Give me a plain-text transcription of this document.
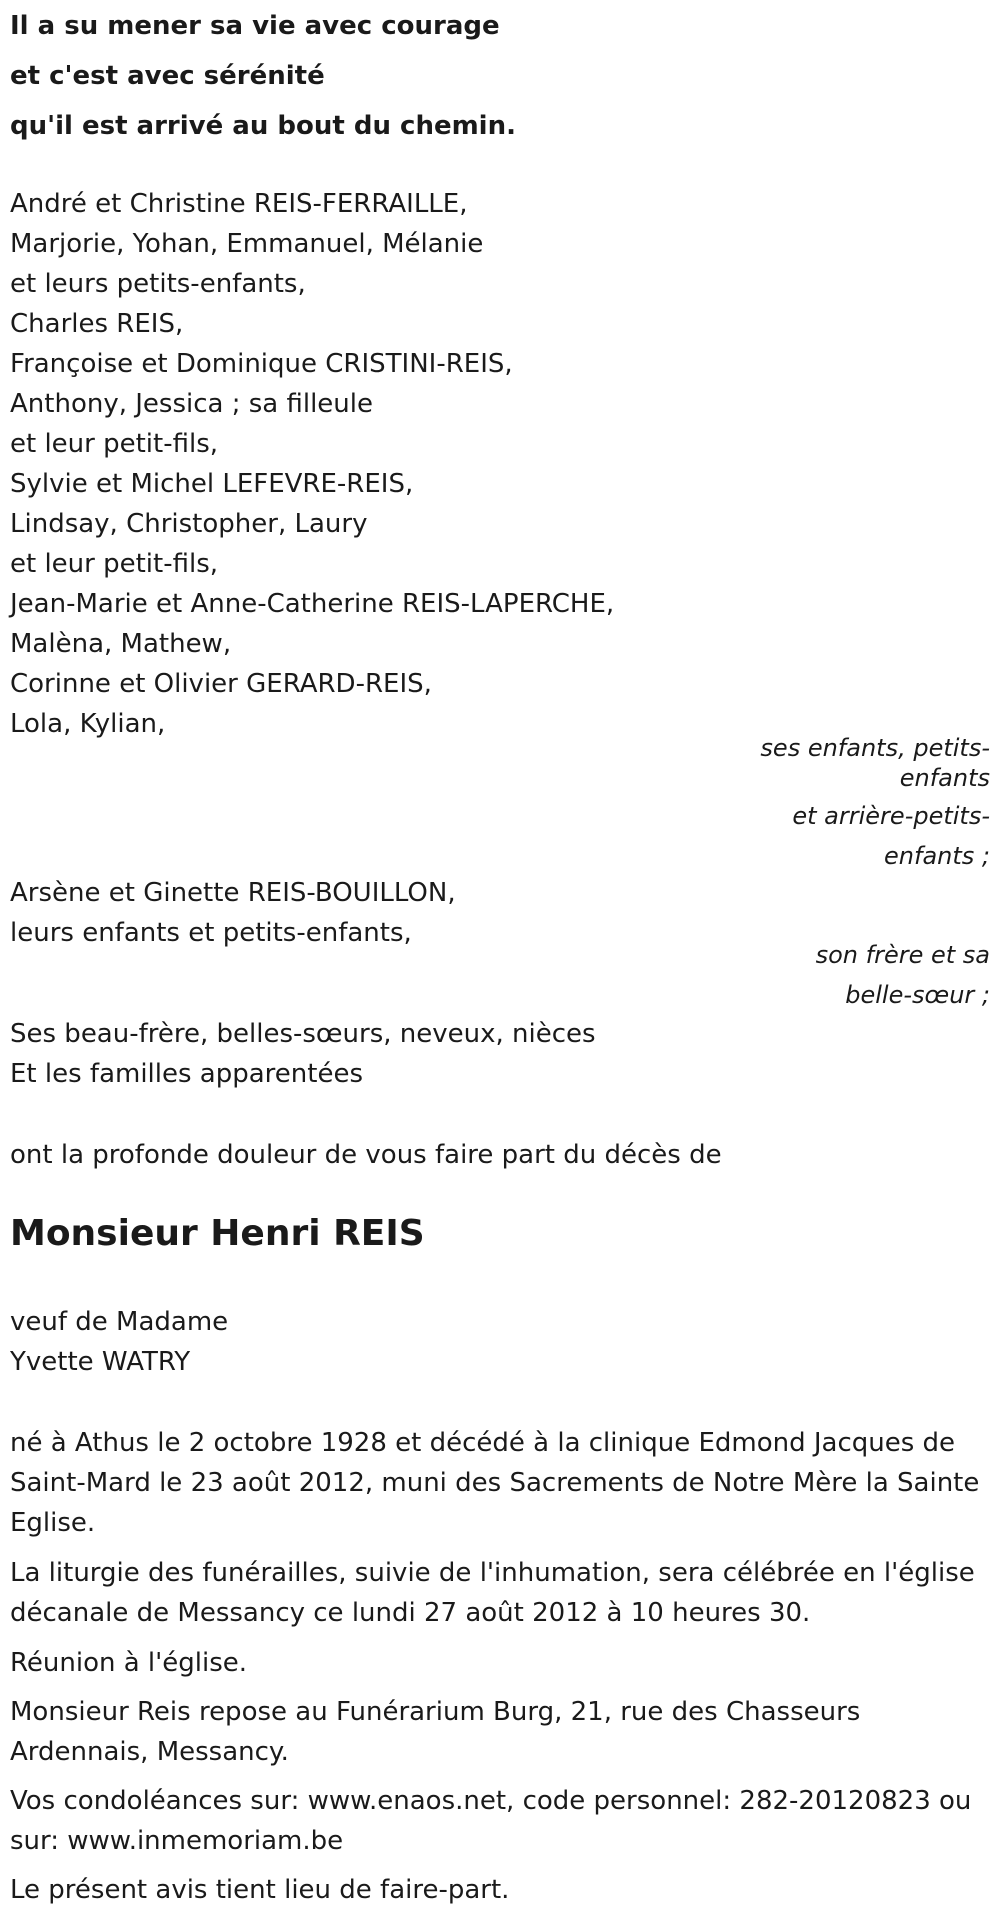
Il a su mener sa vie avec courage
et c'est avec sérénité
qu'il est arrivé au bout du chemin.
André et Christine REIS-FERRAILLE,
Marjorie, Yohan, Emmanuel, Mélanie
et leurs petits-enfants,
Charles REIS,
Françoise et Dominique CRISTINI-REIS,
Anthony, Jessica ; sa filleule
et leur petit-fils,
Sylvie et Michel LEFEVRE-REIS,
Lindsay, Christopher, Laury
et leur petit-fils,
Jean-Marie et Anne-Catherine REIS-LAPERCHE,
Malèna, Mathew,
Corinne et Olivier GERARD-REIS,
Lola, Kylian,
ses enfants, petits-
enfants
et arrière-petits-
enfants ;
Arsène et Ginette REIS-BOUILLON,
leurs enfants et petits-enfants,
son frère et sa
belle-sœur ;
Ses beau-frère, belles-sœurs, neveux, nièces
Et les familles apparentées
ont la profonde douleur de vous faire part du décès de
Monsieur Henri REIS
veuf de Madame
Yvette WATRY
né à Athus le 2 octobre 1928 et décédé à la clinique Edmond Jacques de Saint-Mard le 23 août 2012, muni des Sacrements de Notre Mère la Sainte Eglise.
La liturgie des funérailles, suivie de l'inhumation, sera célébrée en l'église décanale de Messancy ce lundi 27 août 2012 à 10 heures 30.
Réunion à l'église.
Monsieur Reis repose au Funérarium Burg, 21, rue des Chasseurs Ardennais, Messancy.
Vos condoléances sur: www.enaos.net, code personnel: 282-20120823 ou sur: www.inmemoriam.be
Le présent avis tient lieu de faire-part.
